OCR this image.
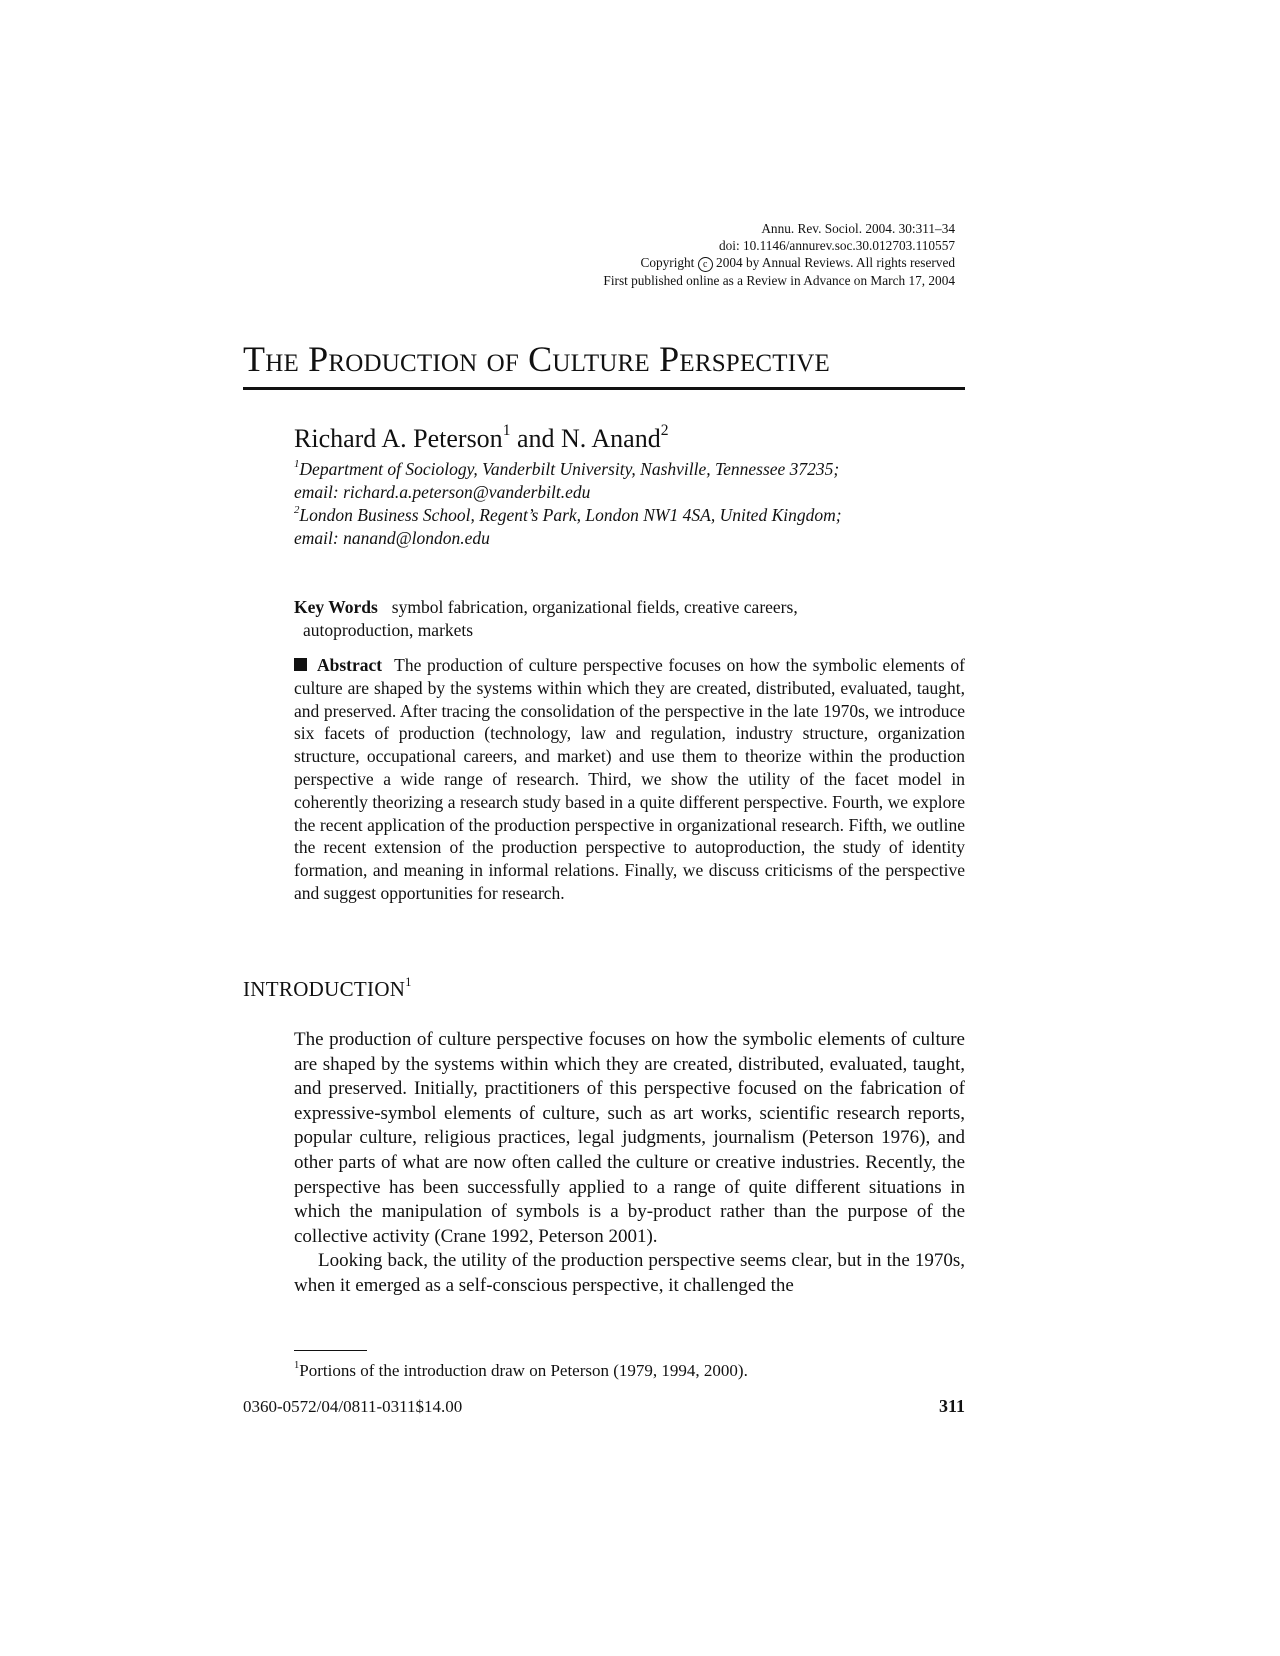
Annu. Rev. Sociol. 2004. 30:311–34
doi: 10.1146/annurev.soc.30.012703.110557
Copyright c 2004 by Annual Reviews. All rights reserved
First published online as a Review in Advance on March 17, 2004
The Production of Culture Perspective
Richard A. Peterson$^1$ and N. Anand$^2$
$^1$Department of Sociology, Vanderbilt University, Nashville, Tennessee 37235;
email: richard.a.peterson@vanderbilt.edu
$^2$London Business School, Regent’s Park, London NW1 4SA, United Kingdom;
email: nanand@london.edu
Key Words symbol fabrication, organizational fields, creative careers,
autoproduction, markets

Abstract The production of culture perspective focuses on how the symbolic elements of culture are shaped by the systems within which they are created, distributed, evaluated, taught, and preserved. After tracing the consolidation of the perspective in the late 1970s, we introduce six facets of production (technology, law and regulation, industry structure, organization structure, occupational careers, and market) and use them to theorize within the production perspective a wide range of research. Third, we show the utility of the facet model in coherently theorizing a research study based in a quite different perspective. Fourth, we explore the recent application of the production perspective in organizational research. Fifth, we outline the recent extension of the production perspective to autoproduction, the study of identity formation, and meaning in informal relations. Finally, we discuss criticisms of the perspective and suggest opportunities for research.

INTRODUCTION$^1$

The production of culture perspective focuses on how the symbolic elements of culture are shaped by the systems within which they are created, distributed, evaluated, taught, and preserved. Initially, practitioners of this perspective focused on the fabrication of expressive-symbol elements of culture, such as art works, scientific research reports, popular culture, religious practices, legal judgments, journalism (Peterson 1976), and other parts of what are now often called the culture or creative industries. Recently, the perspective has been successfully applied to a range of quite different situations in which the manipulation of symbols is a by-product rather than the purpose of the collective activity (Crane 1992, Peterson 2001).

Looking back, the utility of the production perspective seems clear, but in the 1970s, when it emerged as a self-conscious perspective, it challenged the

$^1$Portions of the introduction draw on Peterson (1979, 1994, 2000).
0360-0572/04/0811-0311$14.00	311
